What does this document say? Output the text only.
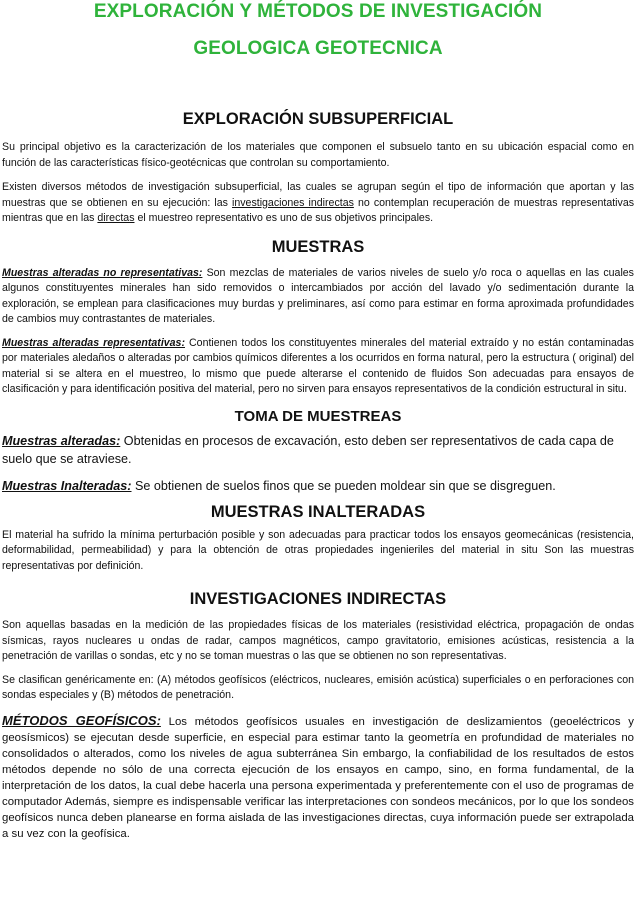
EXPLORACIÓN Y MÉTODOS DE INVESTIGACIÓN
GEOLOGICA GEOTECNICA
EXPLORACIÓN SUBSUPERFICIAL

Su principal objetivo es la caracterización de los materiales que componen el subsuelo tanto en su ubicación espacial como en función de las características físico-geotécnicas que controlan su comportamiento.

Existen diversos métodos de investigación subsuperficial, las cuales se agrupan según el tipo de información que aportan y las muestras que se obtienen en su ejecución: las investigaciones indirectas no contemplan recuperación de muestras representativas mientras que en las directas el muestreo representativo es uno de sus objetivos principales.

MUESTRAS

Muestras alteradas no representativas: Son mezclas de materiales de varios niveles de suelo y/o roca o aquellas en las cuales algunos constituyentes minerales han sido removidos o intercambiados por acción del lavado y/o sedimentación durante la exploración, se emplean para clasificaciones muy burdas y preliminares, así como para estimar en forma aproximada profundidades de cambios muy contrastantes de materiales.

Muestras alteradas representativas: Contienen todos los constituyentes minerales del material extraído y no están contaminadas por materiales aledaños o alteradas por cambios químicos diferentes a los ocurridos en forma natural, pero la estructura ( original) del material si se altera en el muestreo, lo mismo que puede alterarse el contenido de fluidos Son adecuadas para ensayos de clasificación y para identificación positiva del material, pero no sirven para ensayos representativos de la condición estructural in situ.

TOMA DE MUESTREAS

Muestras alteradas: Obtenidas en procesos de excavación, esto deben ser representativos de cada capa de suelo que se atraviese.

Muestras Inalteradas: Se obtienen de suelos finos que se pueden moldear sin que se disgreguen.

MUESTRAS INALTERADAS

El material ha sufrido la mínima perturbación posible y son adecuadas para practicar todos los ensayos geomecánicas (resistencia, deformabilidad, permeabilidad) y para la obtención de otras propiedades ingenieriles del material in situ Son las muestras representativas por definición.

INVESTIGACIONES INDIRECTAS

Son aquellas basadas en la medición de las propiedades físicas de los materiales (resistividad eléctrica, propagación de ondas sísmicas, rayos nucleares u ondas de radar, campos magnéticos, campo gravitatorio, emisiones acústicas, resistencia a la penetración de varillas o sondas, etc y no se toman muestras o las que se obtienen no son representativas.

Se clasifican genéricamente en: (A) métodos geofísicos (eléctricos, nucleares, emisión acústica) superficiales o en perforaciones con sondas especiales y (B) métodos de penetración.

MÉTODOS GEOFÍSICOS: Los métodos geofísicos usuales en investigación de deslizamientos (geoeléctricos y geosísmicos) se ejecutan desde superficie, en especial para estimar tanto la geometría en profundidad de materiales no consolidados o alterados, como los niveles de agua subterránea Sin embargo, la confiabilidad de los resultados de estos métodos depende no sólo de una correcta ejecución de los ensayos en campo, sino, en forma fundamental, de la interpretación de los datos, la cual debe hacerla una persona experimentada y preferentemente con el uso de programas de computador Además, siempre es indispensable verificar las interpretaciones con sondeos mecánicos, por lo que los sondeos geofísicos nunca deben planearse en forma aislada de las investigaciones directas, cuya información puede ser extrapolada a su vez con la geofísica.
